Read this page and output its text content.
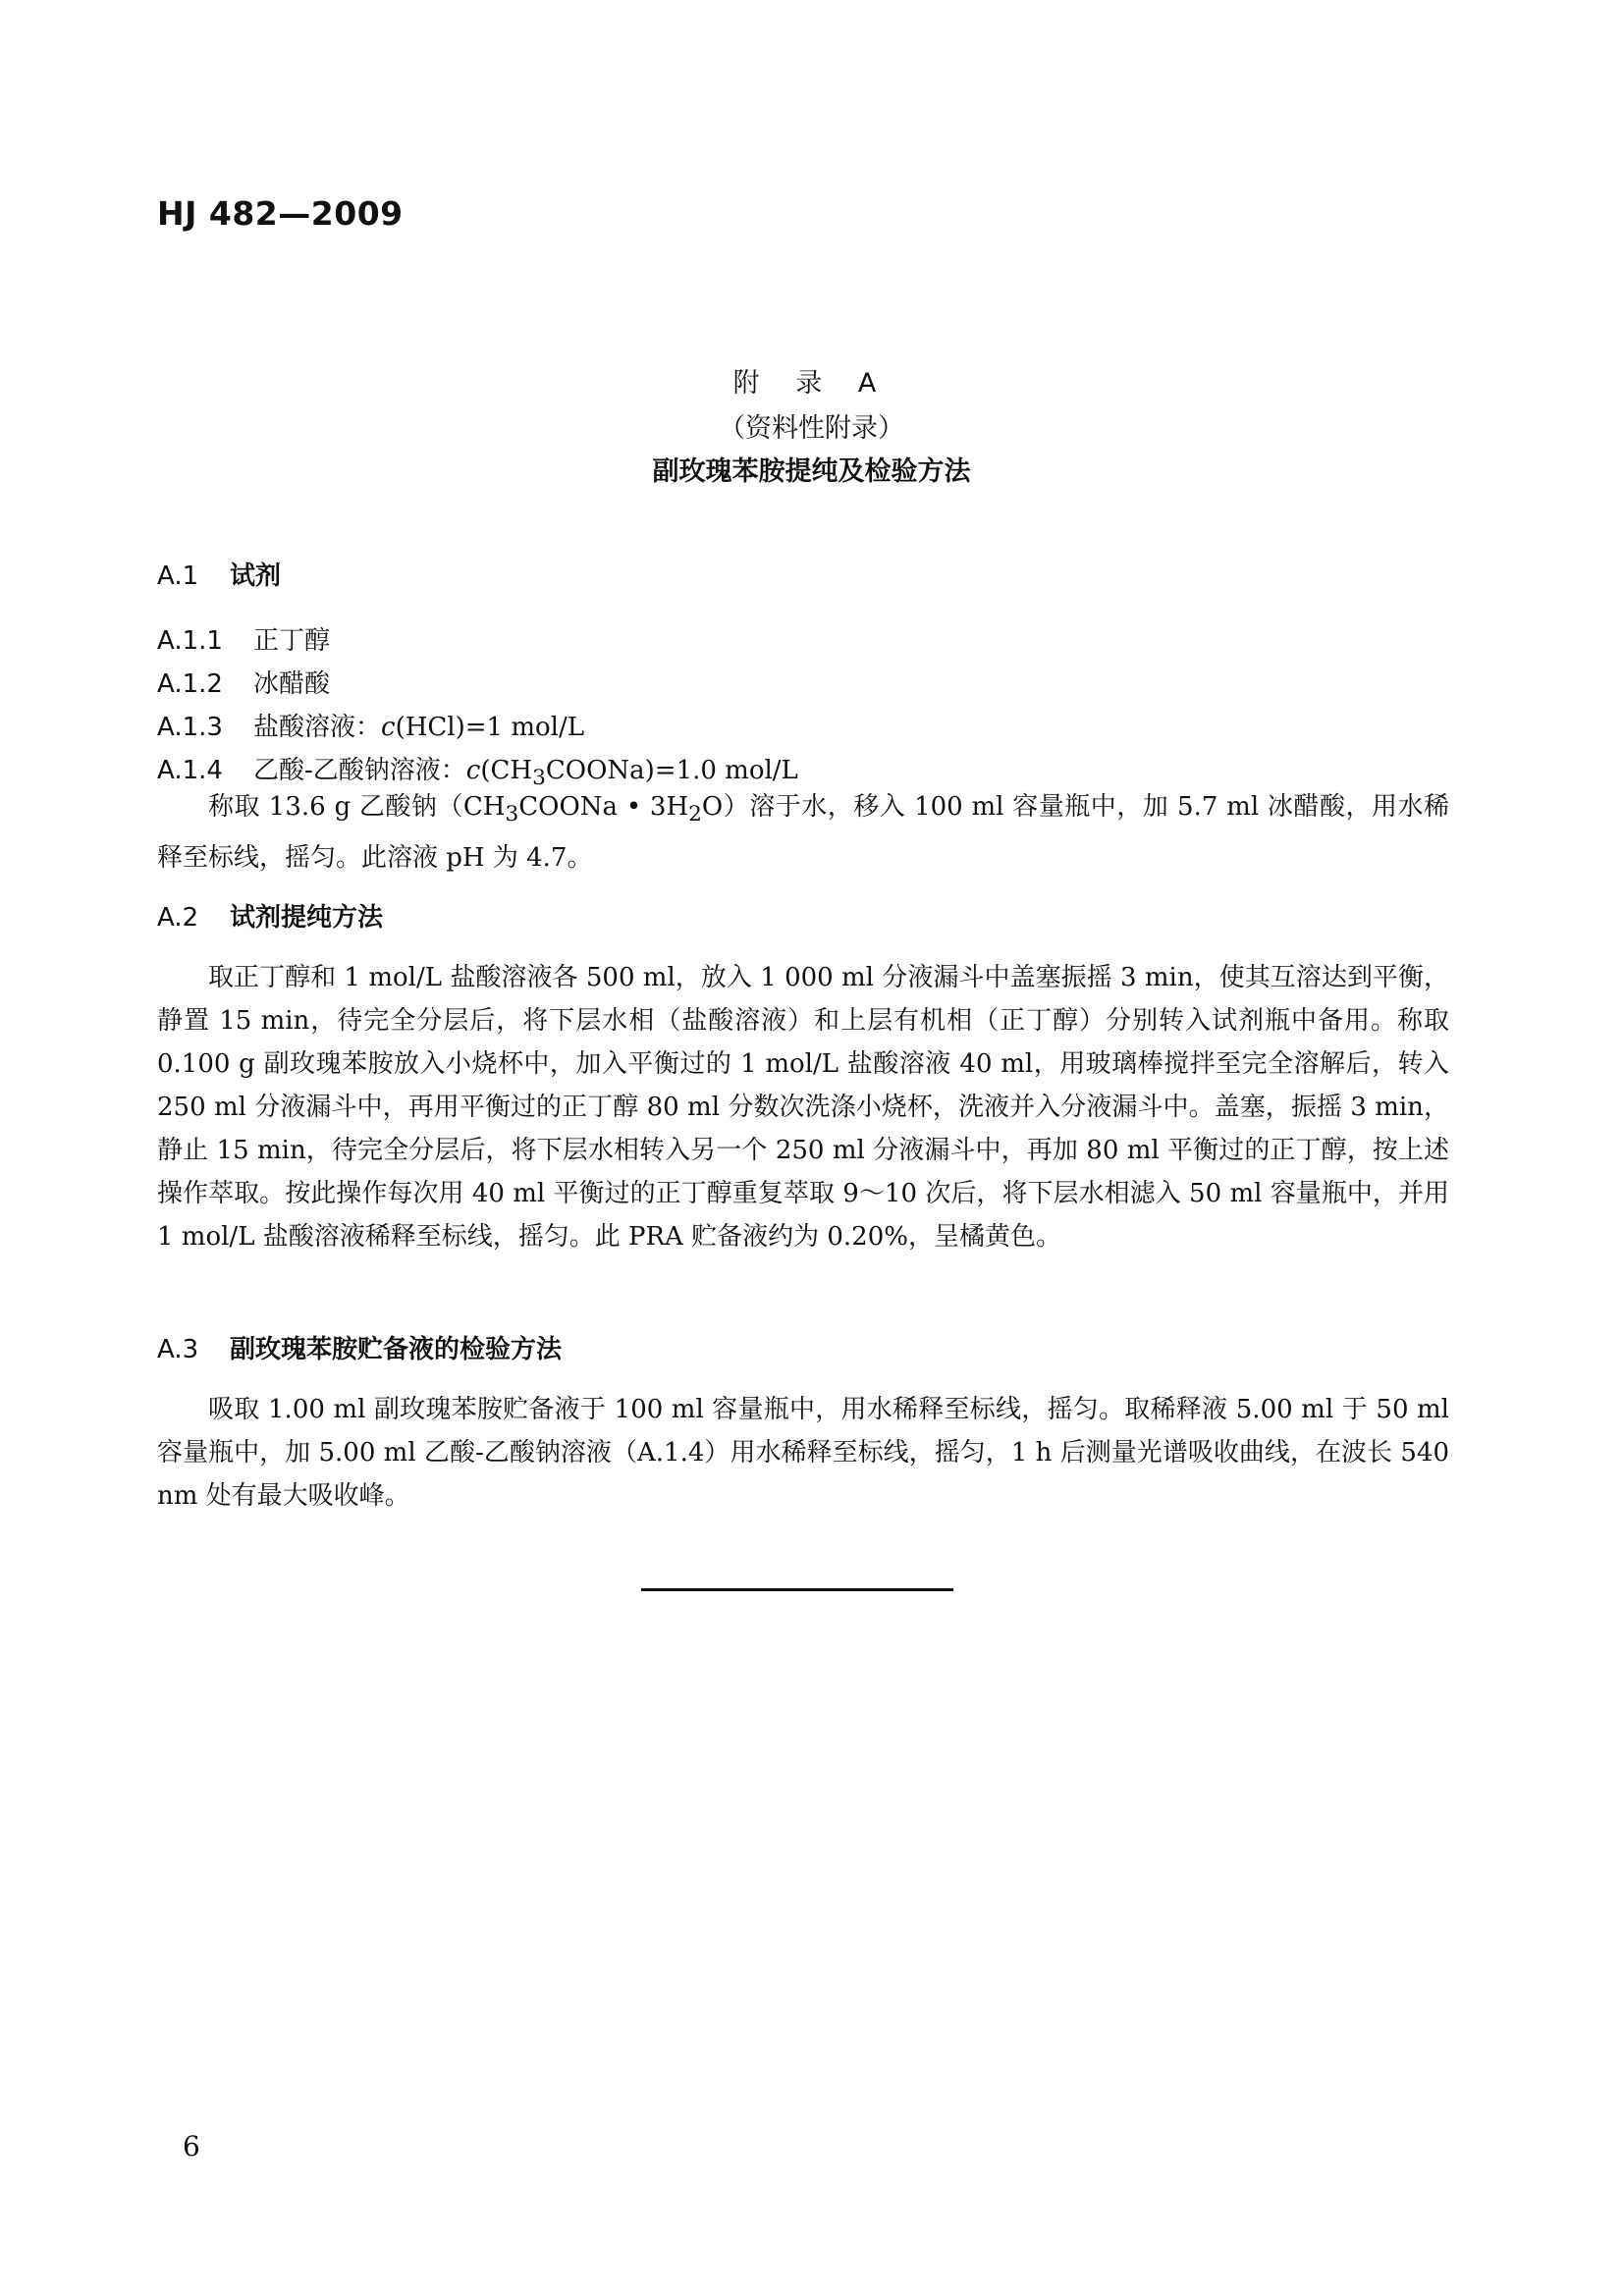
HJ 482—2009
附 录 A
（资料性附录）
副玫瑰苯胺提纯及检验方法
A.1 试剂
A.1.1 正丁醇
A.1.2 冰醋酸
A.1.3 盐酸溶液：c(HCl)=1 mol/L
A.1.4 乙酸-乙酸钠溶液：$c(CH_3COONa)=1.0$ mol/L
称取 13.6 g 乙酸钠（$CH_3COONa$ • $3H_2O$）溶于水，移入 100 ml 容量瓶中，加 5.7 ml 冰醋酸，用水稀释至标线，摇匀。此溶液 pH 为 4.7。
A.2 试剂提纯方法
取正丁醇和 1 mol/L 盐酸溶液各 500 ml，放入 1 000 ml 分液漏斗中盖塞振摇 3 min，使其互溶达到平衡，静置 15 min，待完全分层后，将下层水相（盐酸溶液）和上层有机相（正丁醇）分别转入试剂瓶中备用。称取 0.100 g 副玫瑰苯胺放入小烧杯中，加入平衡过的 1 mol/L 盐酸溶液 40 ml，用玻璃棒搅拌至完全溶解后，转入 250 ml 分液漏斗中，再用平衡过的正丁醇 80 ml 分数次洗涤小烧杯，洗液并入分液漏斗中。盖塞，振摇 3 min，静止 15 min，待完全分层后，将下层水相转入另一个 250 ml 分液漏斗中，再加 80 ml 平衡过的正丁醇，按上述操作萃取。按此操作每次用 40 ml 平衡过的正丁醇重复萃取 9～10 次后，将下层水相滤入 50 ml 容量瓶中，并用 1 mol/L 盐酸溶液稀释至标线，摇匀。此 PRA 贮备液约为 0.20%，呈橘黄色。
A.3 副玫瑰苯胺贮备液的检验方法
吸取 1.00 ml 副玫瑰苯胺贮备液于 100 ml 容量瓶中，用水稀释至标线，摇匀。取稀释液 5.00 ml 于 50 ml 容量瓶中，加 5.00 ml 乙酸-乙酸钠溶液（A.1.4）用水稀释至标线，摇匀，1 h 后测量光谱吸收曲线，在波长 540 nm 处有最大吸收峰。
6
